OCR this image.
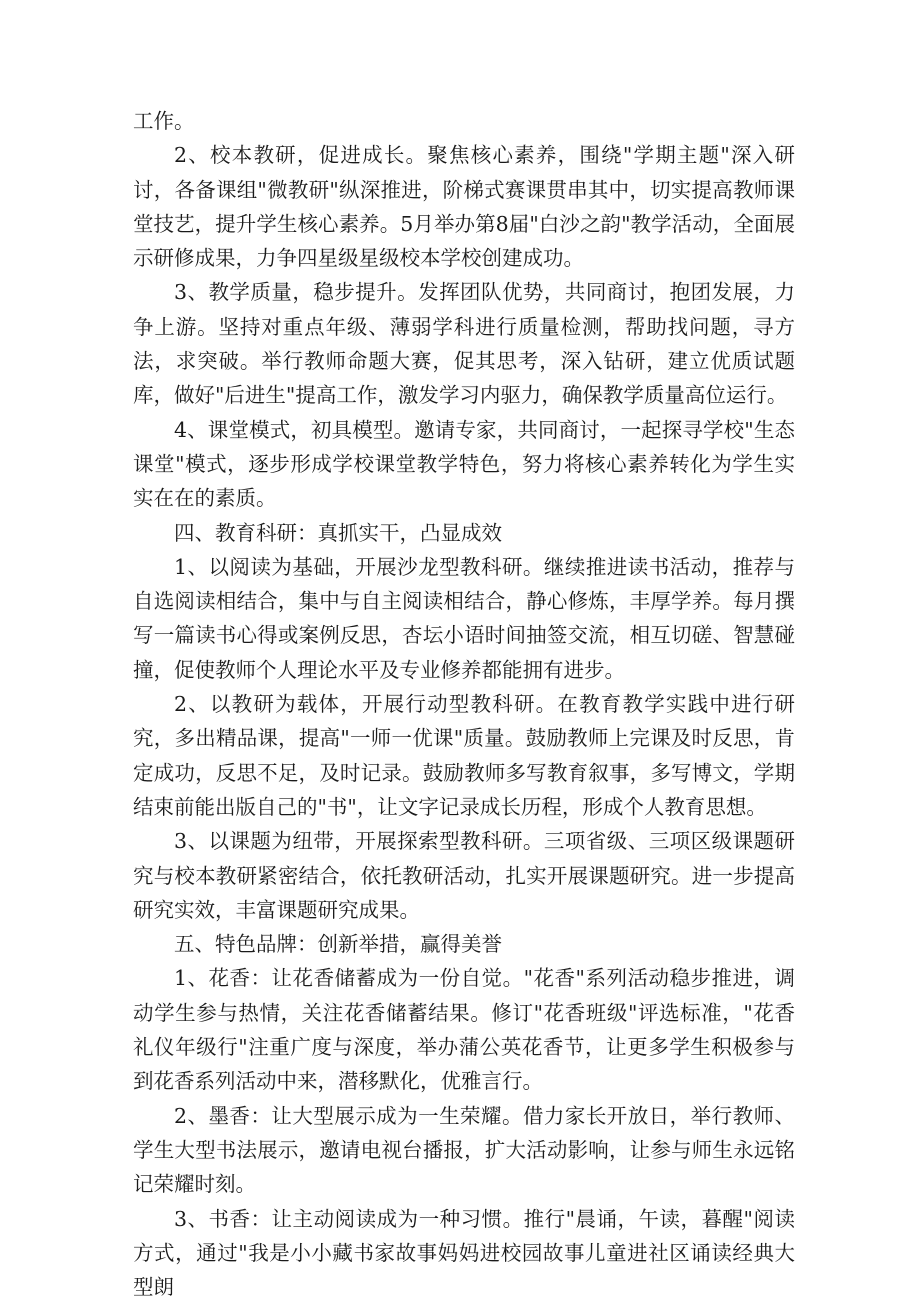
工作。

2、校本教研，促进成长。聚焦核心素养，围绕"学期主题"深入研讨，各备课组"微教研"纵深推进，阶梯式赛课贯串其中，切实提高教师课堂技艺，提升学生核心素养。5月举办第8届"白沙之韵"教学活动，全面展示研修成果，力争四星级星级校本学校创建成功。

3、教学质量，稳步提升。发挥团队优势，共同商讨，抱团发展，力争上游。坚持对重点年级、薄弱学科进行质量检测，帮助找问题，寻方法，求突破。举行教师命题大赛，促其思考，深入钻研，建立优质试题库，做好"后进生"提高工作，激发学习内驱力，确保教学质量高位运行。

4、课堂模式，初具模型。邀请专家，共同商讨，一起探寻学校"生态课堂"模式，逐步形成学校课堂教学特色，努力将核心素养转化为学生实实在在的素质。

四、教育科研：真抓实干，凸显成效

1、以阅读为基础，开展沙龙型教科研。继续推进读书活动，推荐与自选阅读相结合，集中与自主阅读相结合，静心修炼，丰厚学养。每月撰写一篇读书心得或案例反思，杏坛小语时间抽签交流，相互切磋、智慧碰撞，促使教师个人理论水平及专业修养都能拥有进步。

2、以教研为载体，开展行动型教科研。在教育教学实践中进行研究，多出精品课，提高"一师一优课"质量。鼓励教师上完课及时反思，肯定成功，反思不足，及时记录。鼓励教师多写教育叙事，多写博文，学期结束前能出版自己的"书"，让文字记录成长历程，形成个人教育思想。

3、以课题为纽带，开展探索型教科研。三项省级、三项区级课题研究与校本教研紧密结合，依托教研活动，扎实开展课题研究。进一步提高研究实效，丰富课题研究成果。

五、特色品牌：创新举措，赢得美誉

1、花香：让花香储蓄成为一份自觉。"花香"系列活动稳步推进，调动学生参与热情，关注花香储蓄结果。修订"花香班级"评选标准，"花香礼仪年级行"注重广度与深度，举办蒲公英花香节，让更多学生积极参与到花香系列活动中来，潜移默化，优雅言行。

2、墨香：让大型展示成为一生荣耀。借力家长开放日，举行教师、学生大型书法展示，邀请电视台播报，扩大活动影响，让参与师生永远铭记荣耀时刻。

3、书香：让主动阅读成为一种习惯。推行"晨诵，午读，暮醒"阅读方式，通过"我是小小藏书家故事妈妈进校园故事儿童进社区诵读经典大型朗
